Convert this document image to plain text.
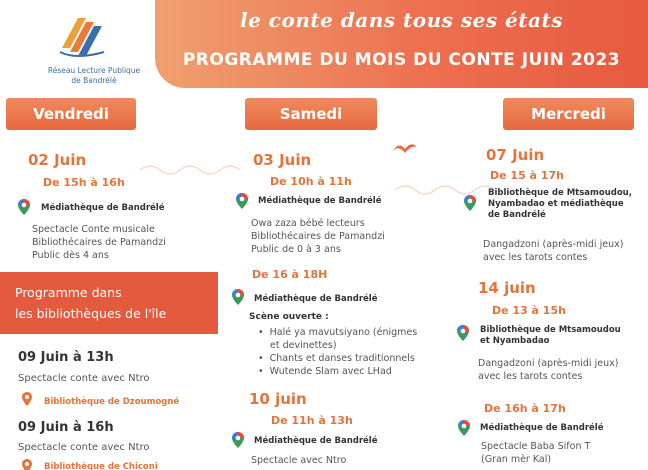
Réseau Lecture Publique
de Bandrélé
le conte dans tous ses états
PROGRAMME DU MOIS DU CONTE JUIN 2023
Vendredi	Samedi	Mercredi
02 Juin
De 15h à 16h
Médiathèque de Bandrélé
Spectacle Conte musicale
Bibliothécaires de Pamandzi
Public dès 4 ans
Programme dans
les bibliothèques de l'île
09 Juin à 13h
Spectacle conte avec Ntro
Bibliothèque de Dzoumogné
09 Juin à 16h
Spectacle conte avec Ntro
Bibliothèque de Chiconi
03 Juin
De 10h à 11h
Médiathèque de Bandrélé
Owa zaza bébé lecteurs
Bibliothécaires de Pamandzi
Public de 0 à 3 ans
De 16 à 18H
Médiathèque de Bandrélé
Scène ouverte :
•  Halé ya mavutsiyano (énigmes
et devinettes)
•  Chants et danses traditionnels
•  Wutende Slam avec LHad
10 juin
De 11h à 13h
Médiathèque de Bandrélé
Spectacle avec Ntro
07 Juin
De 15 à 17h
Bibliothèque de Mtsamoudou,
Nyambadao et médiathèque
de Bandrélé
Dangadzoni (après-midi jeux)
avec les tarots contes
14 juin
De 13 à 15h
Bibliothèque de Mtsamoudou
et Nyambadao
Dangadzoni (après-midi jeux)
avec les tarots contes
De 16h à 17h
Médiathèque de Bandrélé
Spectacle Baba Sifon T
(Gran mèr Kal)
